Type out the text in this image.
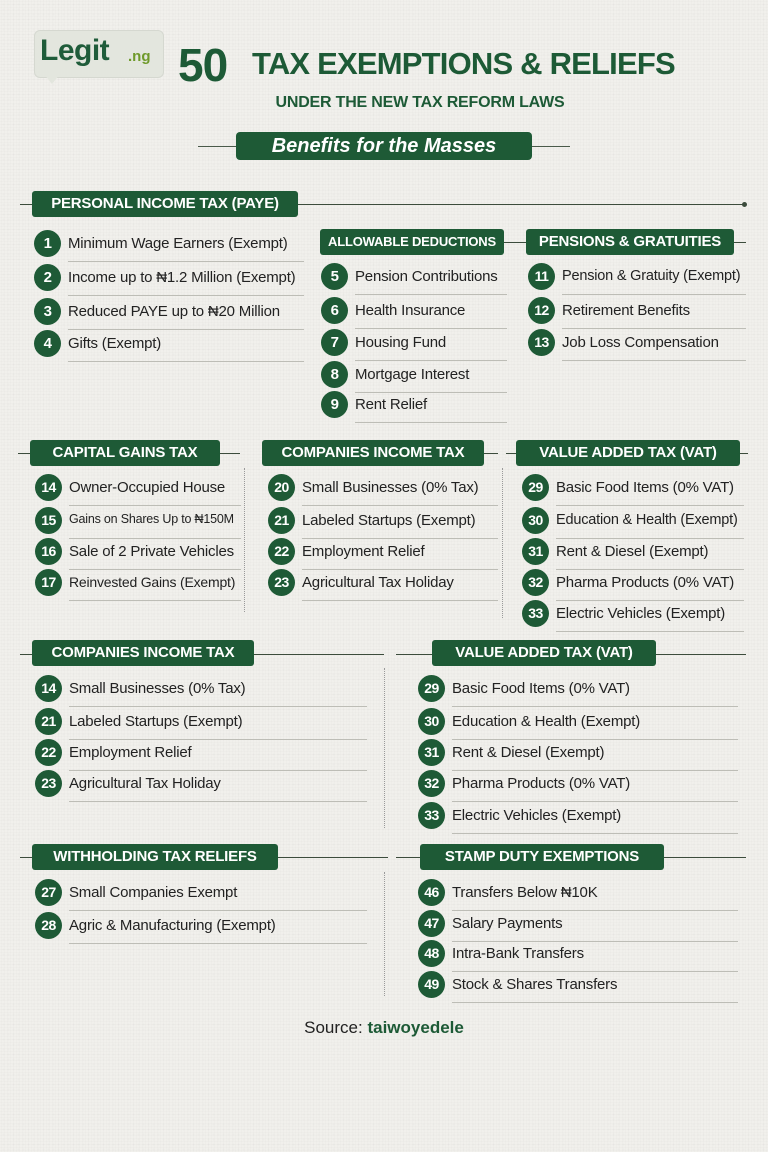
Legit .ng 50 TAX EXEMPTIONS & RELIEFS
UNDER THE NEW TAX REFORM LAWS
Benefits for the Masses
PERSONAL INCOME TAX (PAYE)
ALLOWABLE DEDUCTIONS	PENSIONS & GRATUITIES
CAPITAL GAINS TAX	COMPANIES INCOME TAX	VALUE ADDED TAX (VAT)
COMPANIES INCOME TAX	VALUE ADDED TAX (VAT)
WITHHOLDING TAX RELIEFS	STAMP DUTY EXEMPTIONS
1	Minimum Wage Earners (Exempt)
2	Income up to ₦1.2 Million (Exempt)
3	Reduced PAYE up to ₦20 Million
4	Gifts (Exempt)
5	Pension Contributions
6	Health Insurance
7	Housing Fund
8	Mortgage Interest
9	Rent Relief
11 Pension & Gratuity (Exempt)
12 Retirement Benefits
13 Job Loss Compensation
14 Owner-Occupied House
15	Gains on Shares Up to ₦150M
16 Sale of 2 Private Vehicles
17 Reinvested Gains (Exempt)
20 Small Businesses (0% Tax)
21 Labeled Startups (Exempt)
22 Employment Relief
23 Agricultural Tax Holiday
29 Basic Food Items (0% VAT)
30 Education & Health (Exempt)
31 Rent & Diesel (Exempt)
32 Pharma Products (0% VAT)
33 Electric Vehicles (Exempt)
14 Small Businesses (0% Tax)
21 Labeled Startups (Exempt)
22 Employment Relief
23 Agricultural Tax Holiday
29 Basic Food Items (0% VAT)
30 Education & Health (Exempt)
31 Rent & Diesel (Exempt)
32 Pharma Products (0% VAT)
33 Electric Vehicles (Exempt)
27 Small Companies Exempt
28 Agric & Manufacturing (Exempt)
46 Transfers Below ₦10K
47 Salary Payments
48 Intra-Bank Transfers
49 Stock & Shares Transfers
Source: taiwoyedele
